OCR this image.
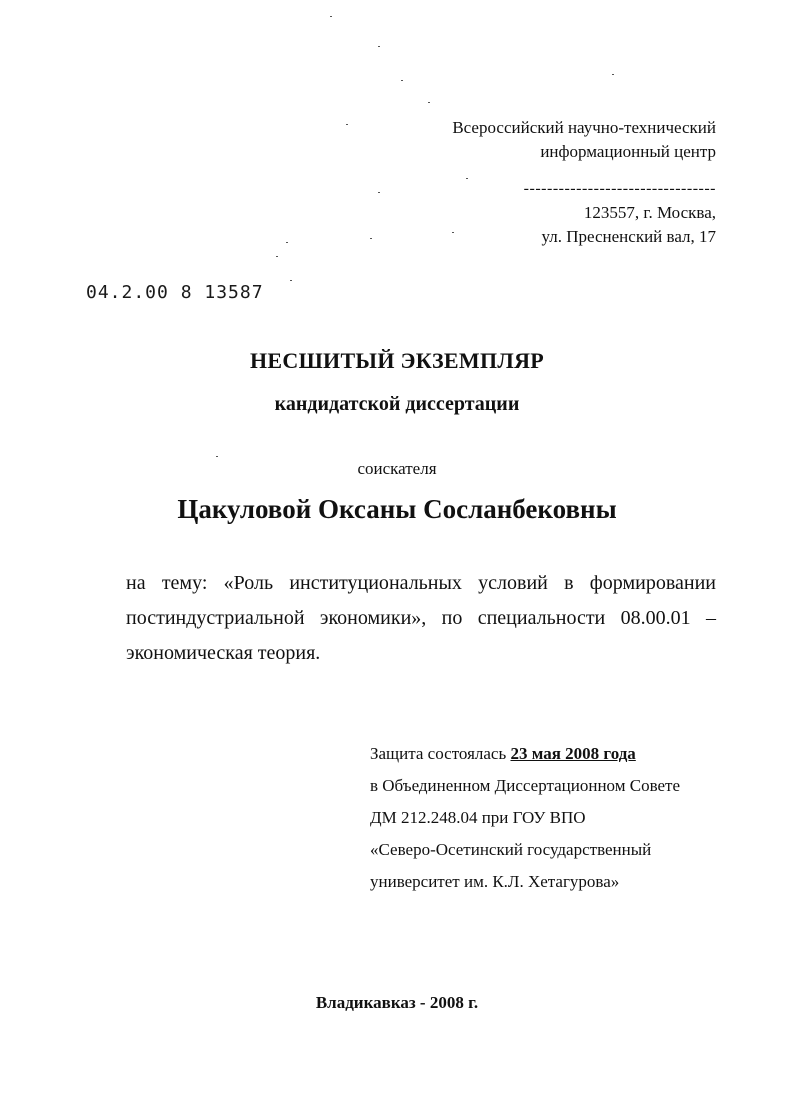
Всероссийский научно-технический
информационный центр
---------------------------------
123557, г. Москва,
ул. Пресненский вал, 17
04.2.00 8 13587
НЕСШИТЫЙ ЭКЗЕМПЛЯР
кандидатской диссертации
соискателя
Цакуловой Оксаны Сосланбековны
на тему: «Роль институциональных условий в формировании
постиндустриальной экономики», по специальности 08.00.01 –
экономическая теория.
Защита состоялась 23 мая 2008 года
в Объединенном Диссертационном Совете
ДМ 212.248.04 при ГОУ ВПО
«Северо-Осетинский государственный
университет им. К.Л. Хетагурова»
Владикавказ - 2008 г.
